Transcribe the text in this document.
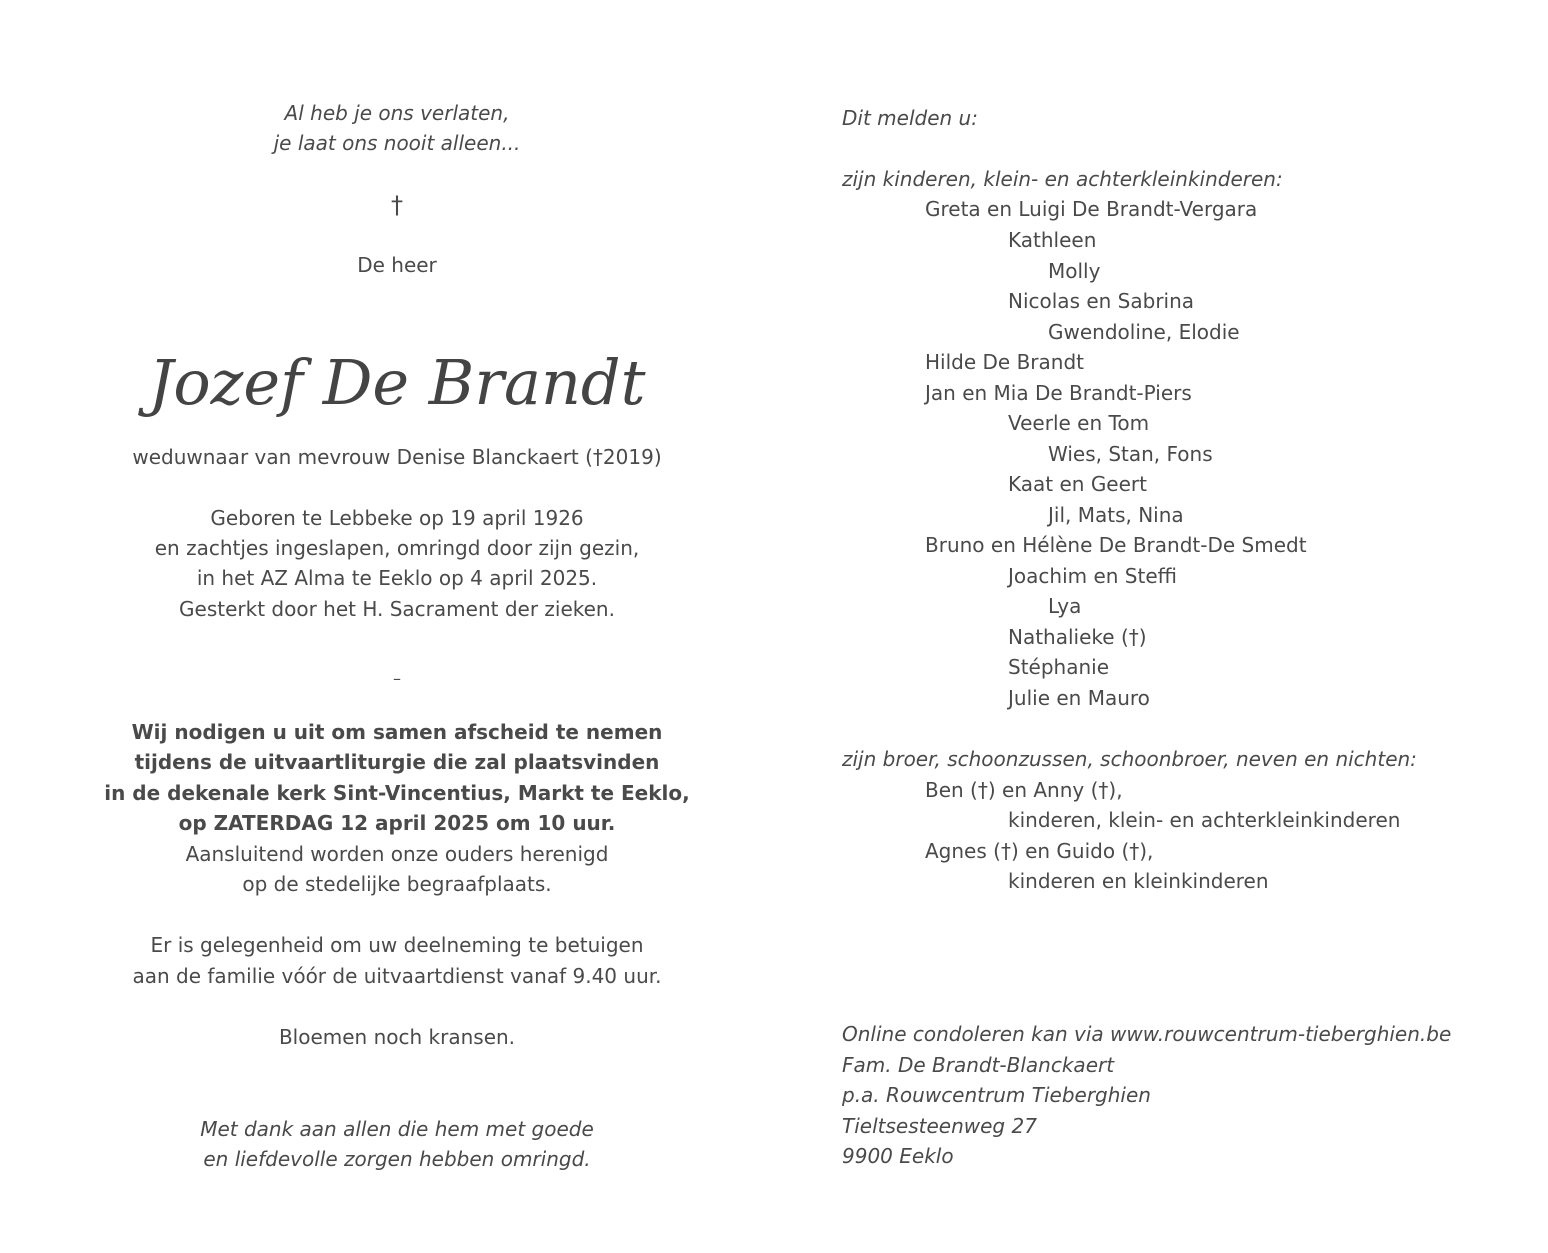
Al heb je ons verlaten,
je laat ons nooit alleen...
†
De heer
Jozef De Brandt
weduwnaar van mevrouw Denise Blanckaert (†2019)
Geboren te Lebbeke op 19 april 1926
en zachtjes ingeslapen, omringd door zijn gezin,
in het AZ Alma te Eeklo op 4 april 2025.
Gesterkt door het H. Sacrament der zieken.
–
Wij nodigen u uit om samen afscheid te nemen
tijdens de uitvaartliturgie die zal plaatsvinden
in de dekenale kerk Sint-Vincentius, Markt te Eeklo,
op ZATERDAG 12 april 2025 om 10 uur.
Aansluitend worden onze ouders herenigd
op de stedelijke begraafplaats.
Er is gelegenheid om uw deelneming te betuigen
aan de familie vóór de uitvaartdienst vanaf 9.40 uur.
Bloemen noch kransen.
Met dank aan allen die hem met goede
en liefdevolle zorgen hebben omringd.
Dit melden u:
zijn kinderen, klein- en achterkleinkinderen:
Greta en Luigi De Brandt-Vergara
Kathleen
Molly
Nicolas en Sabrina
Gwendoline, Elodie
Hilde De Brandt
Jan en Mia De Brandt-Piers
Veerle en Tom
Wies, Stan, Fons
Kaat en Geert
Jil, Mats, Nina
Bruno en Hélène De Brandt-De Smedt
Joachim en Steffi
Lya
Nathalieke (†)
Stéphanie
Julie en Mauro
zijn broer, schoonzussen, schoonbroer, neven en nichten:
Ben (†) en Anny (†),
kinderen, klein- en achterkleinkinderen
Agnes (†) en Guido (†),
kinderen en kleinkinderen
Online condoleren kan via www.rouwcentrum-tieberghien.be
Fam. De Brandt-Blanckaert
p.a. Rouwcentrum Tieberghien
Tieltsesteenweg 27
9900 Eeklo
